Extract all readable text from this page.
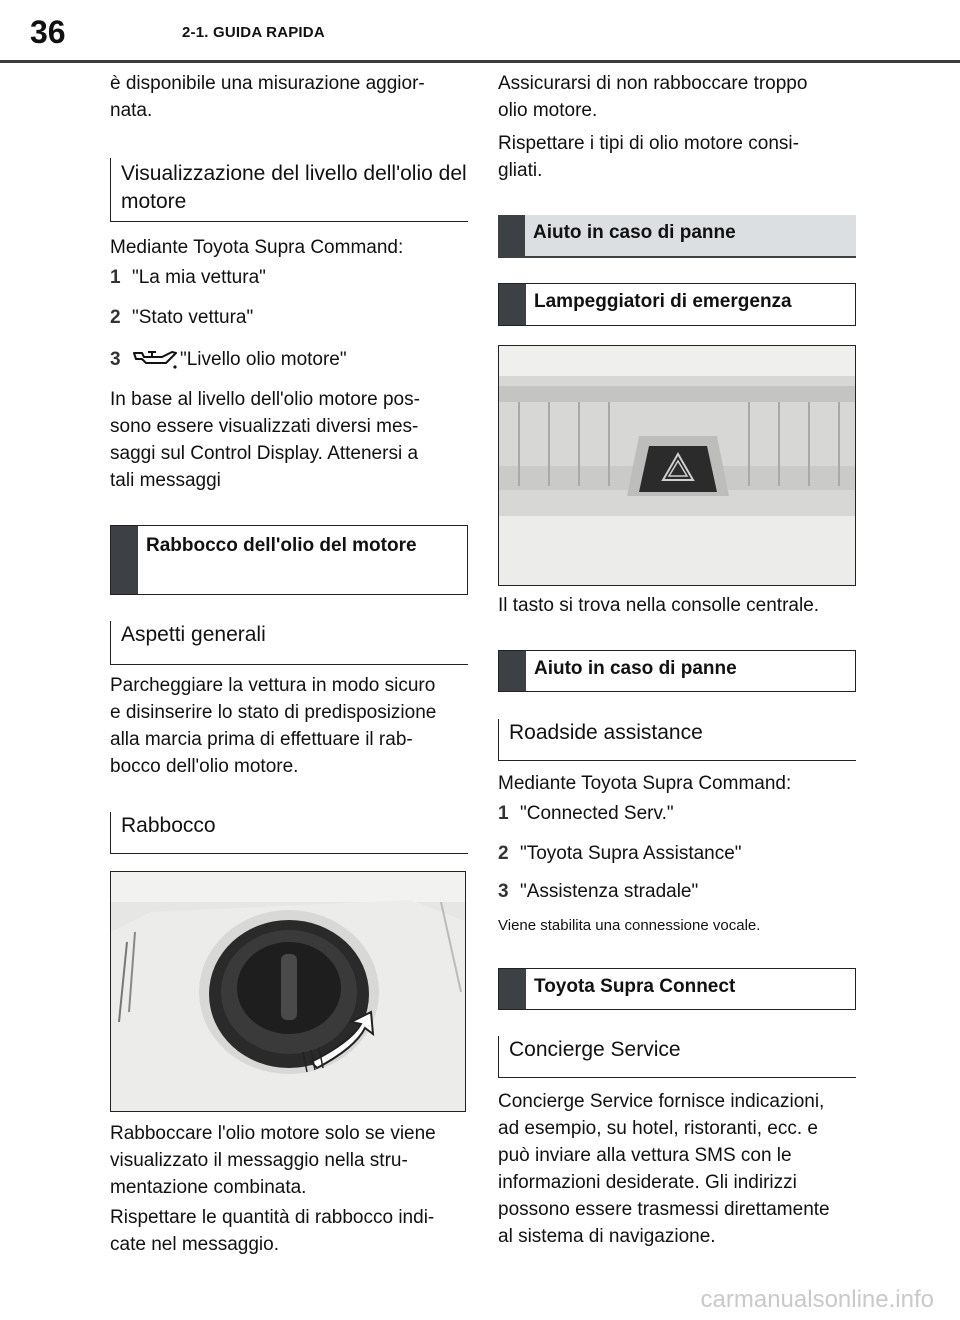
36	2-1. GUIDA RAPIDA

è disponibile una misurazione aggior-
nata.

Visualizzazione del livello dell'olio del motore

Mediante Toyota Supra Command:

1 "La mia vettura"
2 "Stato vettura"
3	"Livello olio motore"

In base al livello dell'olio motore pos-
sono essere visualizzati diversi mes-
saggi sul Control Display. Attenersi a
tali messaggi

Rabbocco dell'olio del motore
Aspetti generali

Parcheggiare la vettura in modo sicuro
e disinserire lo stato di predisposizione
alla marcia prima di effettuare il rab-
bocco dell'olio motore.

Rabbocco

Rabboccare l'olio motore solo se viene
visualizzato il messaggio nella stru-
mentazione combinata.

Rispettare le quantità di rabbocco indi-
cate nel messaggio.

Assicurarsi di non rabboccare troppo
olio motore.

Rispettare i tipi di olio motore consi-
gliati.

Aiuto in caso di panne
Lampeggiatori di emergenza

Il tasto si trova nella consolle centrale.

Aiuto in caso di panne
Roadside assistance

Mediante Toyota Supra Command:

1 "Connected Serv."
2 "Toyota Supra Assistance"
3 "Assistenza stradale"

Viene stabilita una connessione vocale.

Toyota Supra Connect
Concierge Service

Concierge Service fornisce indicazioni,
ad esempio, su hotel, ristoranti, ecc. e
può inviare alla vettura SMS con le
informazioni desiderate. Gli indirizzi
possono essere trasmessi direttamente
al sistema di navigazione.

carmanualsonline.info
